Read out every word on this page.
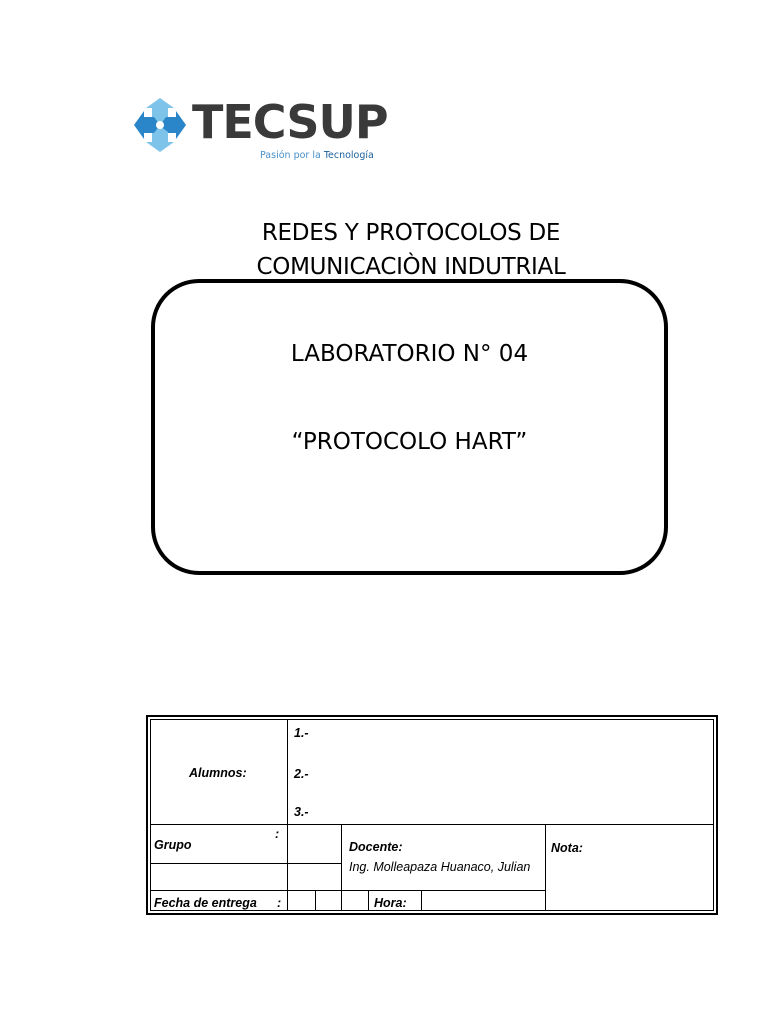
TECSUP
Pasión por la Tecnología
REDES Y PROTOCOLOS DE
COMUNICACIÒN INDUTRIAL
LABORATORIO N° 04
“PROTOCOLO HART”
Alumnos:
1.-
2.-
3.-
Grupo
:
Docente:
Ing. Molleapaza Huanaco, Julian
Nota:
Fecha de entrega :	Hora:
